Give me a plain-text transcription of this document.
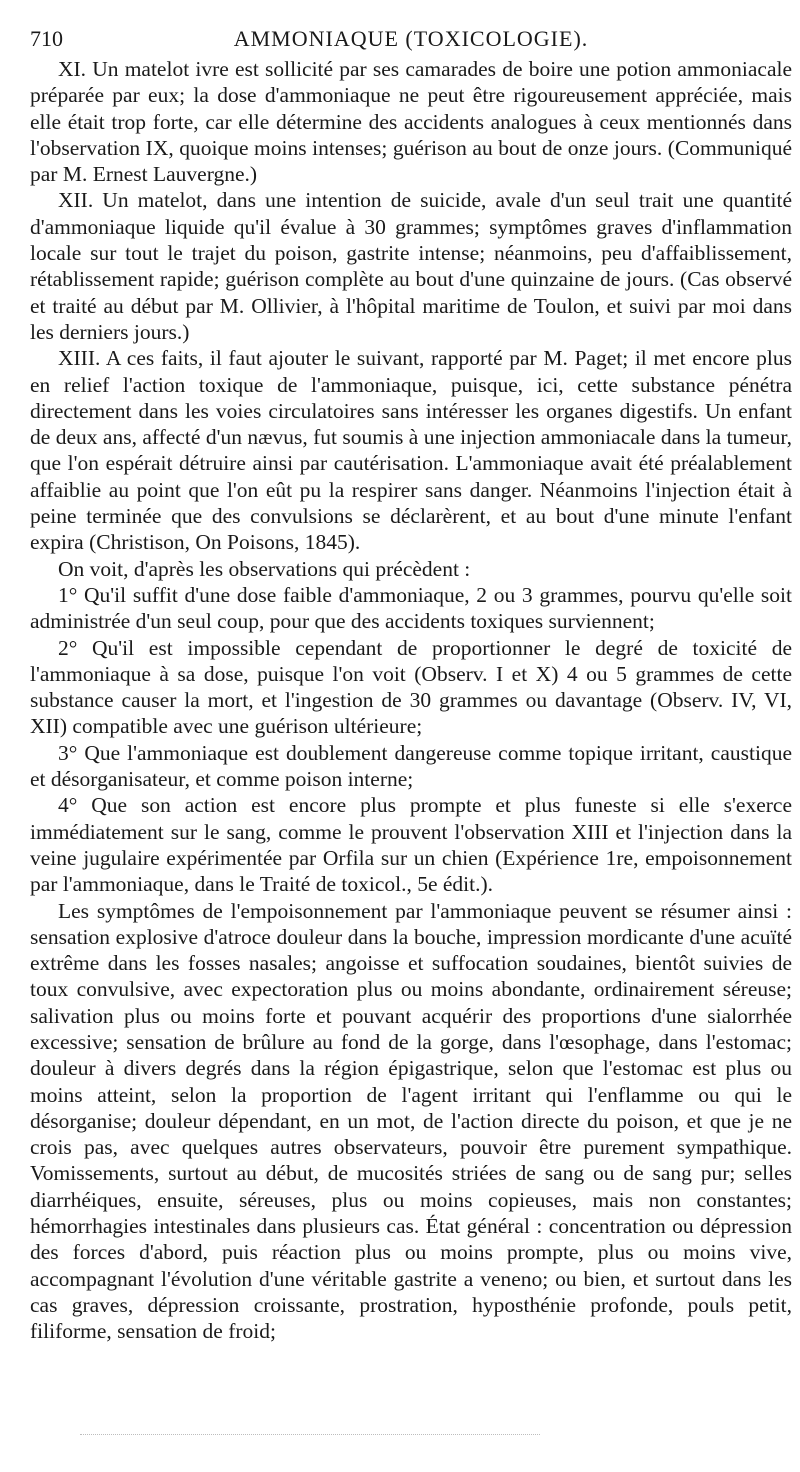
710	AMMONIAQUE (TOXICOLOGIE).

XI. Un matelot ivre est sollicité par ses camarades de boire une potion ammoniacale préparée par eux; la dose d'ammoniaque ne peut être rigoureusement appréciée, mais elle était trop forte, car elle détermine des accidents analogues à ceux mentionnés dans l'observation IX, quoique moins intenses; guérison au bout de onze jours. (Communiqué par M. Ernest Lauvergne.)

XII. Un matelot, dans une intention de suicide, avale d'un seul trait une quantité d'ammoniaque liquide qu'il évalue à 30 grammes; symptômes graves d'inflammation locale sur tout le trajet du poison, gastrite intense; néanmoins, peu d'affaiblissement, rétablissement rapide; guérison complète au bout d'une quinzaine de jours. (Cas observé et traité au début par M. Ollivier, à l'hôpital maritime de Toulon, et suivi par moi dans les derniers jours.)

XIII. A ces faits, il faut ajouter le suivant, rapporté par M. Paget; il met encore plus en relief l'action toxique de l'ammoniaque, puisque, ici, cette substance pénétra directement dans les voies circulatoires sans intéresser les organes digestifs. Un enfant de deux ans, affecté d'un nævus, fut soumis à une injection ammoniacale dans la tumeur, que l'on espérait détruire ainsi par cautérisation. L'ammoniaque avait été préalablement affaiblie au point que l'on eût pu la respirer sans danger. Néanmoins l'injection était à peine terminée que des convulsions se déclarèrent, et au bout d'une minute l'enfant expira (Christison, On Poisons, 1845).

On voit, d'après les observations qui précèdent :

1° Qu'il suffit d'une dose faible d'ammoniaque, 2 ou 3 grammes, pourvu qu'elle soit administrée d'un seul coup, pour que des accidents toxiques surviennent;

2° Qu'il est impossible cependant de proportionner le degré de toxicité de l'ammoniaque à sa dose, puisque l'on voit (Observ. I et X) 4 ou 5 grammes de cette substance causer la mort, et l'ingestion de 30 grammes ou davantage (Observ. IV, VI, XII) compatible avec une guérison ultérieure;

3° Que l'ammoniaque est doublement dangereuse comme topique irritant, caustique et désorganisateur, et comme poison interne;

4° Que son action est encore plus prompte et plus funeste si elle s'exerce immédiatement sur le sang, comme le prouvent l'observation XIII et l'injection dans la veine jugulaire expérimentée par Orfila sur un chien (Expérience 1re, empoisonnement par l'ammoniaque, dans le Traité de toxicol., 5e édit.).

Les symptômes de l'empoisonnement par l'ammoniaque peuvent se résumer ainsi : sensation explosive d'atroce douleur dans la bouche, impression mordicante d'une acuïté extrême dans les fosses nasales; angoisse et suffocation soudaines, bientôt suivies de toux convulsive, avec expectoration plus ou moins abondante, ordinairement séreuse; salivation plus ou moins forte et pouvant acquérir des proportions d'une sialorrhée excessive; sensation de brûlure au fond de la gorge, dans l'œsophage, dans l'estomac; douleur à divers degrés dans la région épigastrique, selon que l'estomac est plus ou moins atteint, selon la proportion de l'agent irritant qui l'enflamme ou qui le désorganise; douleur dépendant, en un mot, de l'action directe du poison, et que je ne crois pas, avec quelques autres observateurs, pouvoir être purement sympathique. Vomissements, surtout au début, de mucosités striées de sang ou de sang pur; selles diarrhéiques, ensuite, séreuses, plus ou moins copieuses, mais non constantes; hémorrhagies intestinales dans plusieurs cas. État général : concentration ou dépression des forces d'abord, puis réaction plus ou moins prompte, plus ou moins vive, accompagnant l'évolution d'une véritable gastrite a veneno; ou bien, et surtout dans les cas graves, dépression croissante, prostration, hyposthénie profonde, pouls petit, filiforme, sensation de froid;
